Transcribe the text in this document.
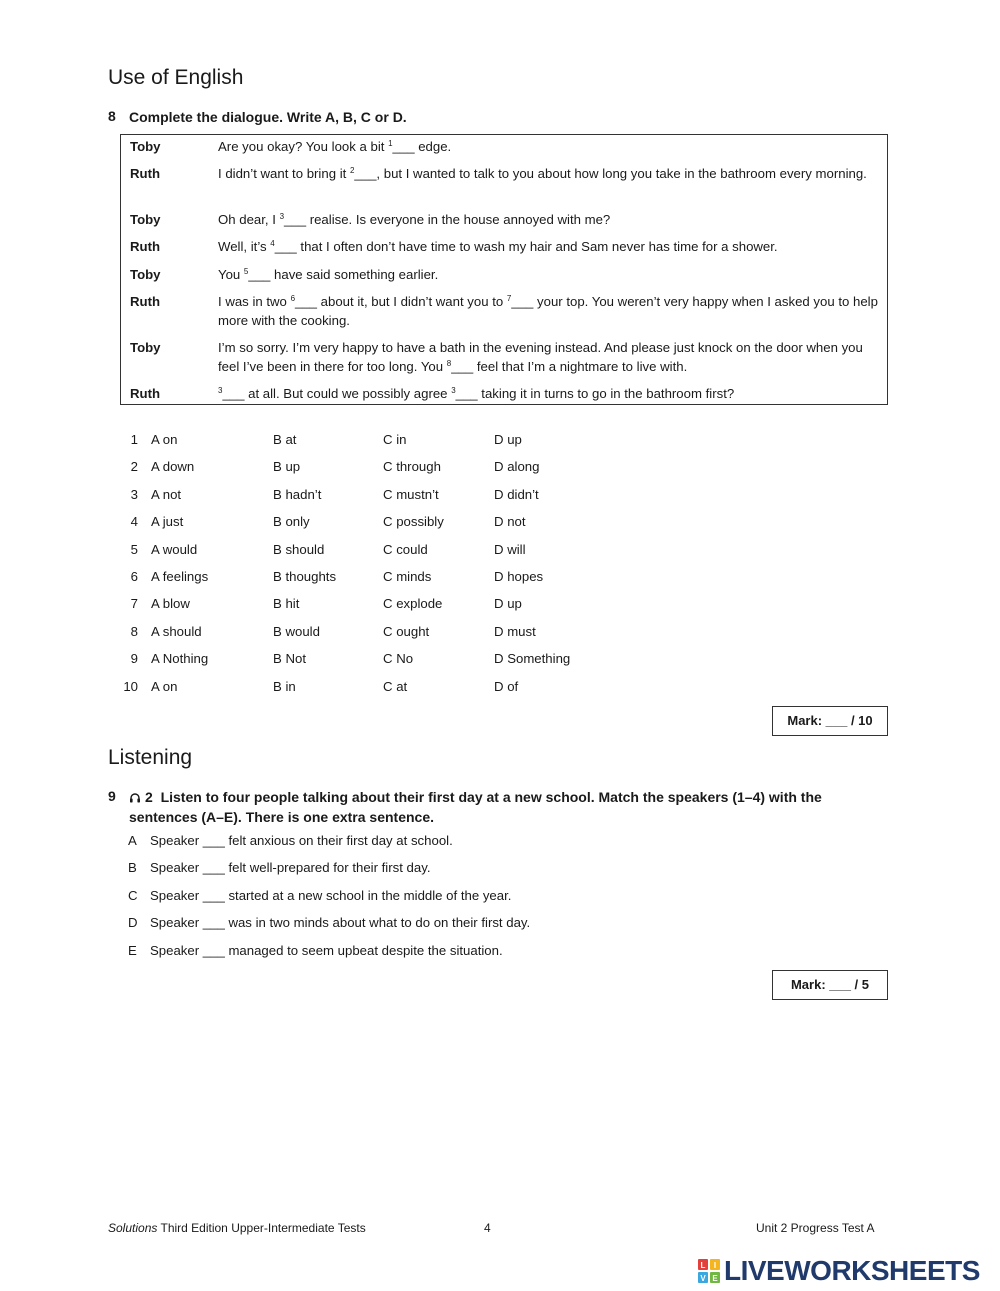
Use of English
8 Complete the dialogue. Write A, B, C or D.
Toby	Are you okay? You look a bit $^1$___ edge.
Ruth	I didn’t want to bring it $^2$___, but I wanted to talk to you about how long you take in the bathroom every morning.
Toby	Oh dear, I $^3$___ realise. Is everyone in the house annoyed with me?
Ruth	Well, it’s $^4$___ that I often don’t have time to wash my hair and Sam never has time for a shower.
Toby	You $^5$___ have said something earlier.
Ruth	I was in two $^6$___ about it, but I didn’t want you to $^7$___ your top. You weren’t very happy when I asked you to help more with the cooking.
Toby	I’m so sorry. I’m very happy to have a bath in the evening instead. And please just knock on the door when you feel I’ve been in there for too long. You $^8$___ feel that I’m a nightmare to live with.
Ruth	$^3$___ at all. But could we possibly agree $^3$___ taking it in turns to go in the bathroom first?
1 A on	B at	C in	D up
2 A down	B up	C through	D along
3 A not	B hadn’t	C mustn’t	D didn’t
4 A just	B only	C possibly	D not
5 A would	B should	C could	D will
6 A feelings	B thoughts	C minds	D hopes
7 A blow	B hit	C explode	D up
8 A should	B would	C ought	D must
9 A Nothing	B Not	C No	D Something
10 A on	B in	C at	D of
Mark: ___ / 10
Listening
9	2 Listen to four people talking about their first day at a new school. Match the speakers (1–4) with the sentences (A–E). There is one extra sentence.
A Speaker ___ felt anxious on their first day at school.
B Speaker ___ felt well-prepared for their first day.
C Speaker ___ started at a new school in the middle of the year.
D Speaker ___ was in two minds about what to do on their first day.
E Speaker ___ managed to seem upbeat despite the situation.
Mark: ___ / 5
Solutions Third Edition Upper-Intermediate Tests	4	Unit 2 Progress Test A
L I
V E LIVEWORKSHEETS
